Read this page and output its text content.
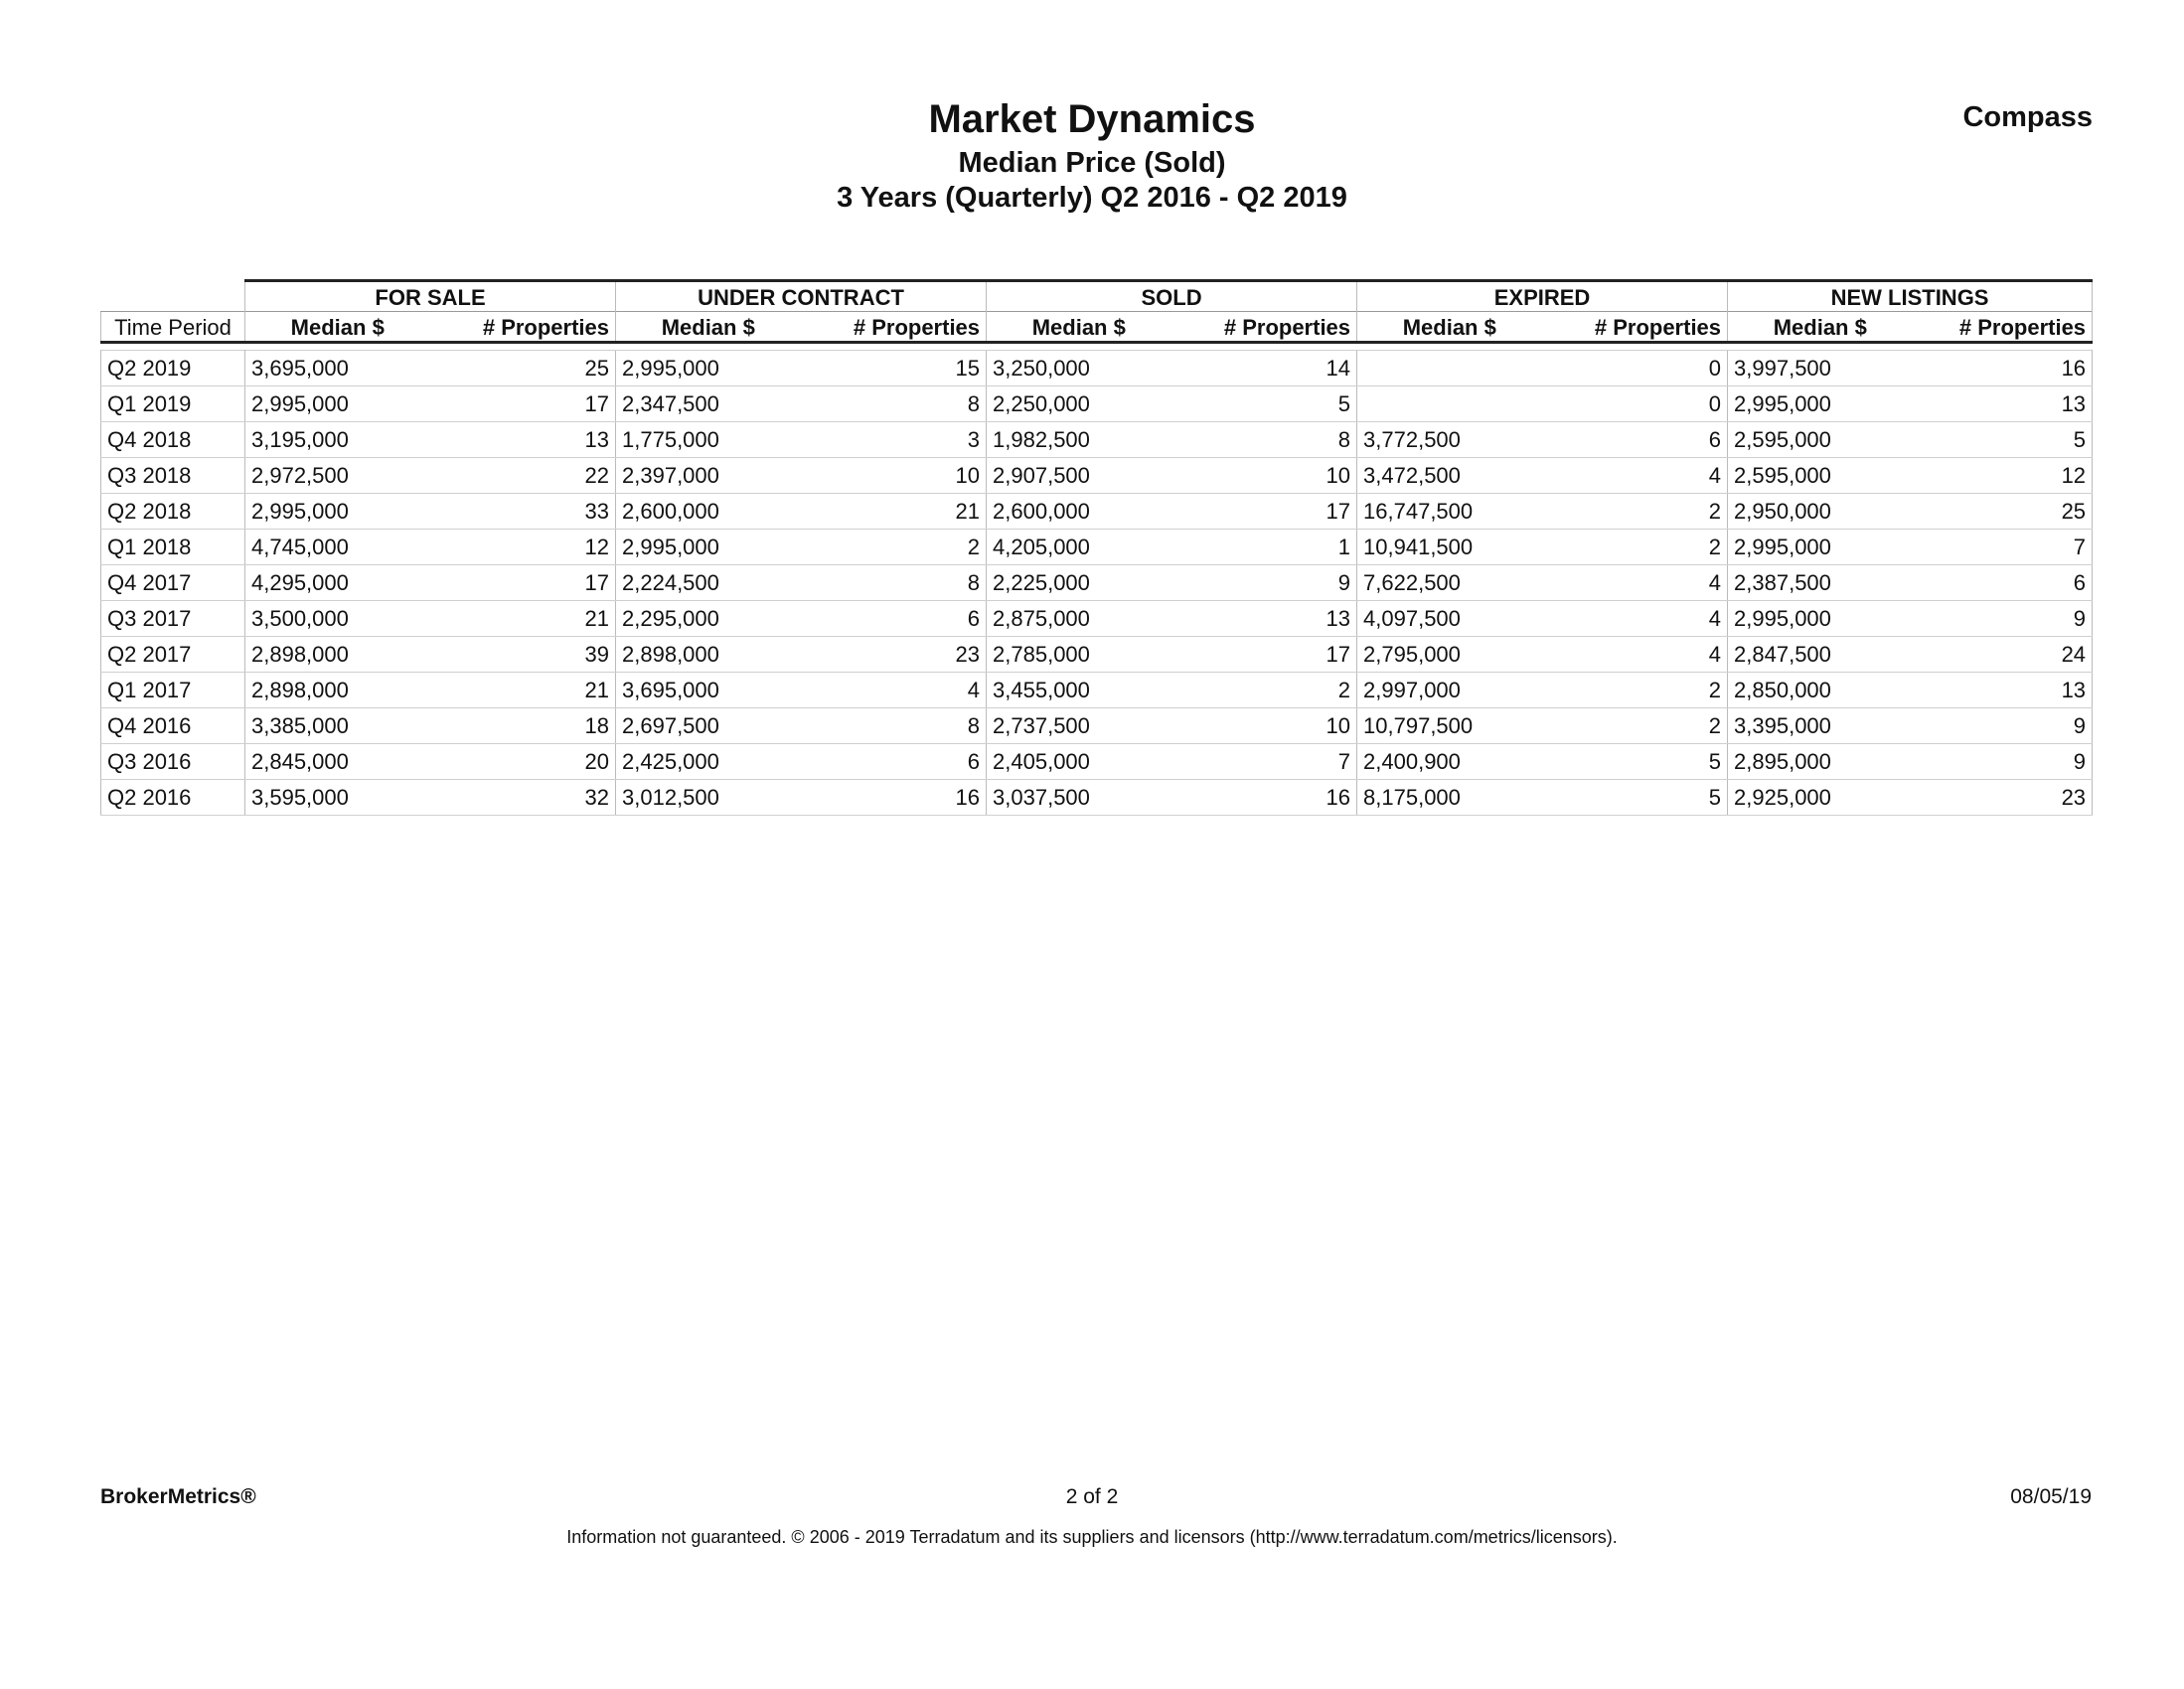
Market Dynamics
Median Price (Sold)
3 Years (Quarterly) Q2 2016 - Q2 2019
Compass
	FOR SALE		UNDER CONTRACT		SOLD		EXPIRED		NEW LISTINGS	
Time Period	Median $	# Properties	Median $	# Properties	Median $	# Properties	Median $	# Properties	Median $	# Properties

Q2 2019	3,695,000	25	2,995,000	15	3,250,000	14		0	3,997,500	16
Q1 2019	2,995,000	17	2,347,500	8	2,250,000	5		0	2,995,000	13
Q4 2018	3,195,000	13	1,775,000	3	1,982,500	8	3,772,500	6	2,595,000	5
Q3 2018	2,972,500	22	2,397,000	10	2,907,500	10	3,472,500	4	2,595,000	12
Q2 2018	2,995,000	33	2,600,000	21	2,600,000	17	16,747,500	2	2,950,000	25
Q1 2018	4,745,000	12	2,995,000	2	4,205,000	1	10,941,500	2	2,995,000	7
Q4 2017	4,295,000	17	2,224,500	8	2,225,000	9	7,622,500	4	2,387,500	6
Q3 2017	3,500,000	21	2,295,000	6	2,875,000	13	4,097,500	4	2,995,000	9
Q2 2017	2,898,000	39	2,898,000	23	2,785,000	17	2,795,000	4	2,847,500	24
Q1 2017	2,898,000	21	3,695,000	4	3,455,000	2	2,997,000	2	2,850,000	13
Q4 2016	3,385,000	18	2,697,500	8	2,737,500	10	10,797,500	2	3,395,000	9
Q3 2016	2,845,000	20	2,425,000	6	2,405,000	7	2,400,900	5	2,895,000	9
Q2 2016	3,595,000	32	3,012,500	16	3,037,500	16	8,175,000	5	2,925,000	23
BrokerMetrics®	2 of 2	08/05/19
Information not guaranteed. © 2006 - 2019 Terradatum and its suppliers and licensors (http://www.terradatum.com/metrics/licensors).
